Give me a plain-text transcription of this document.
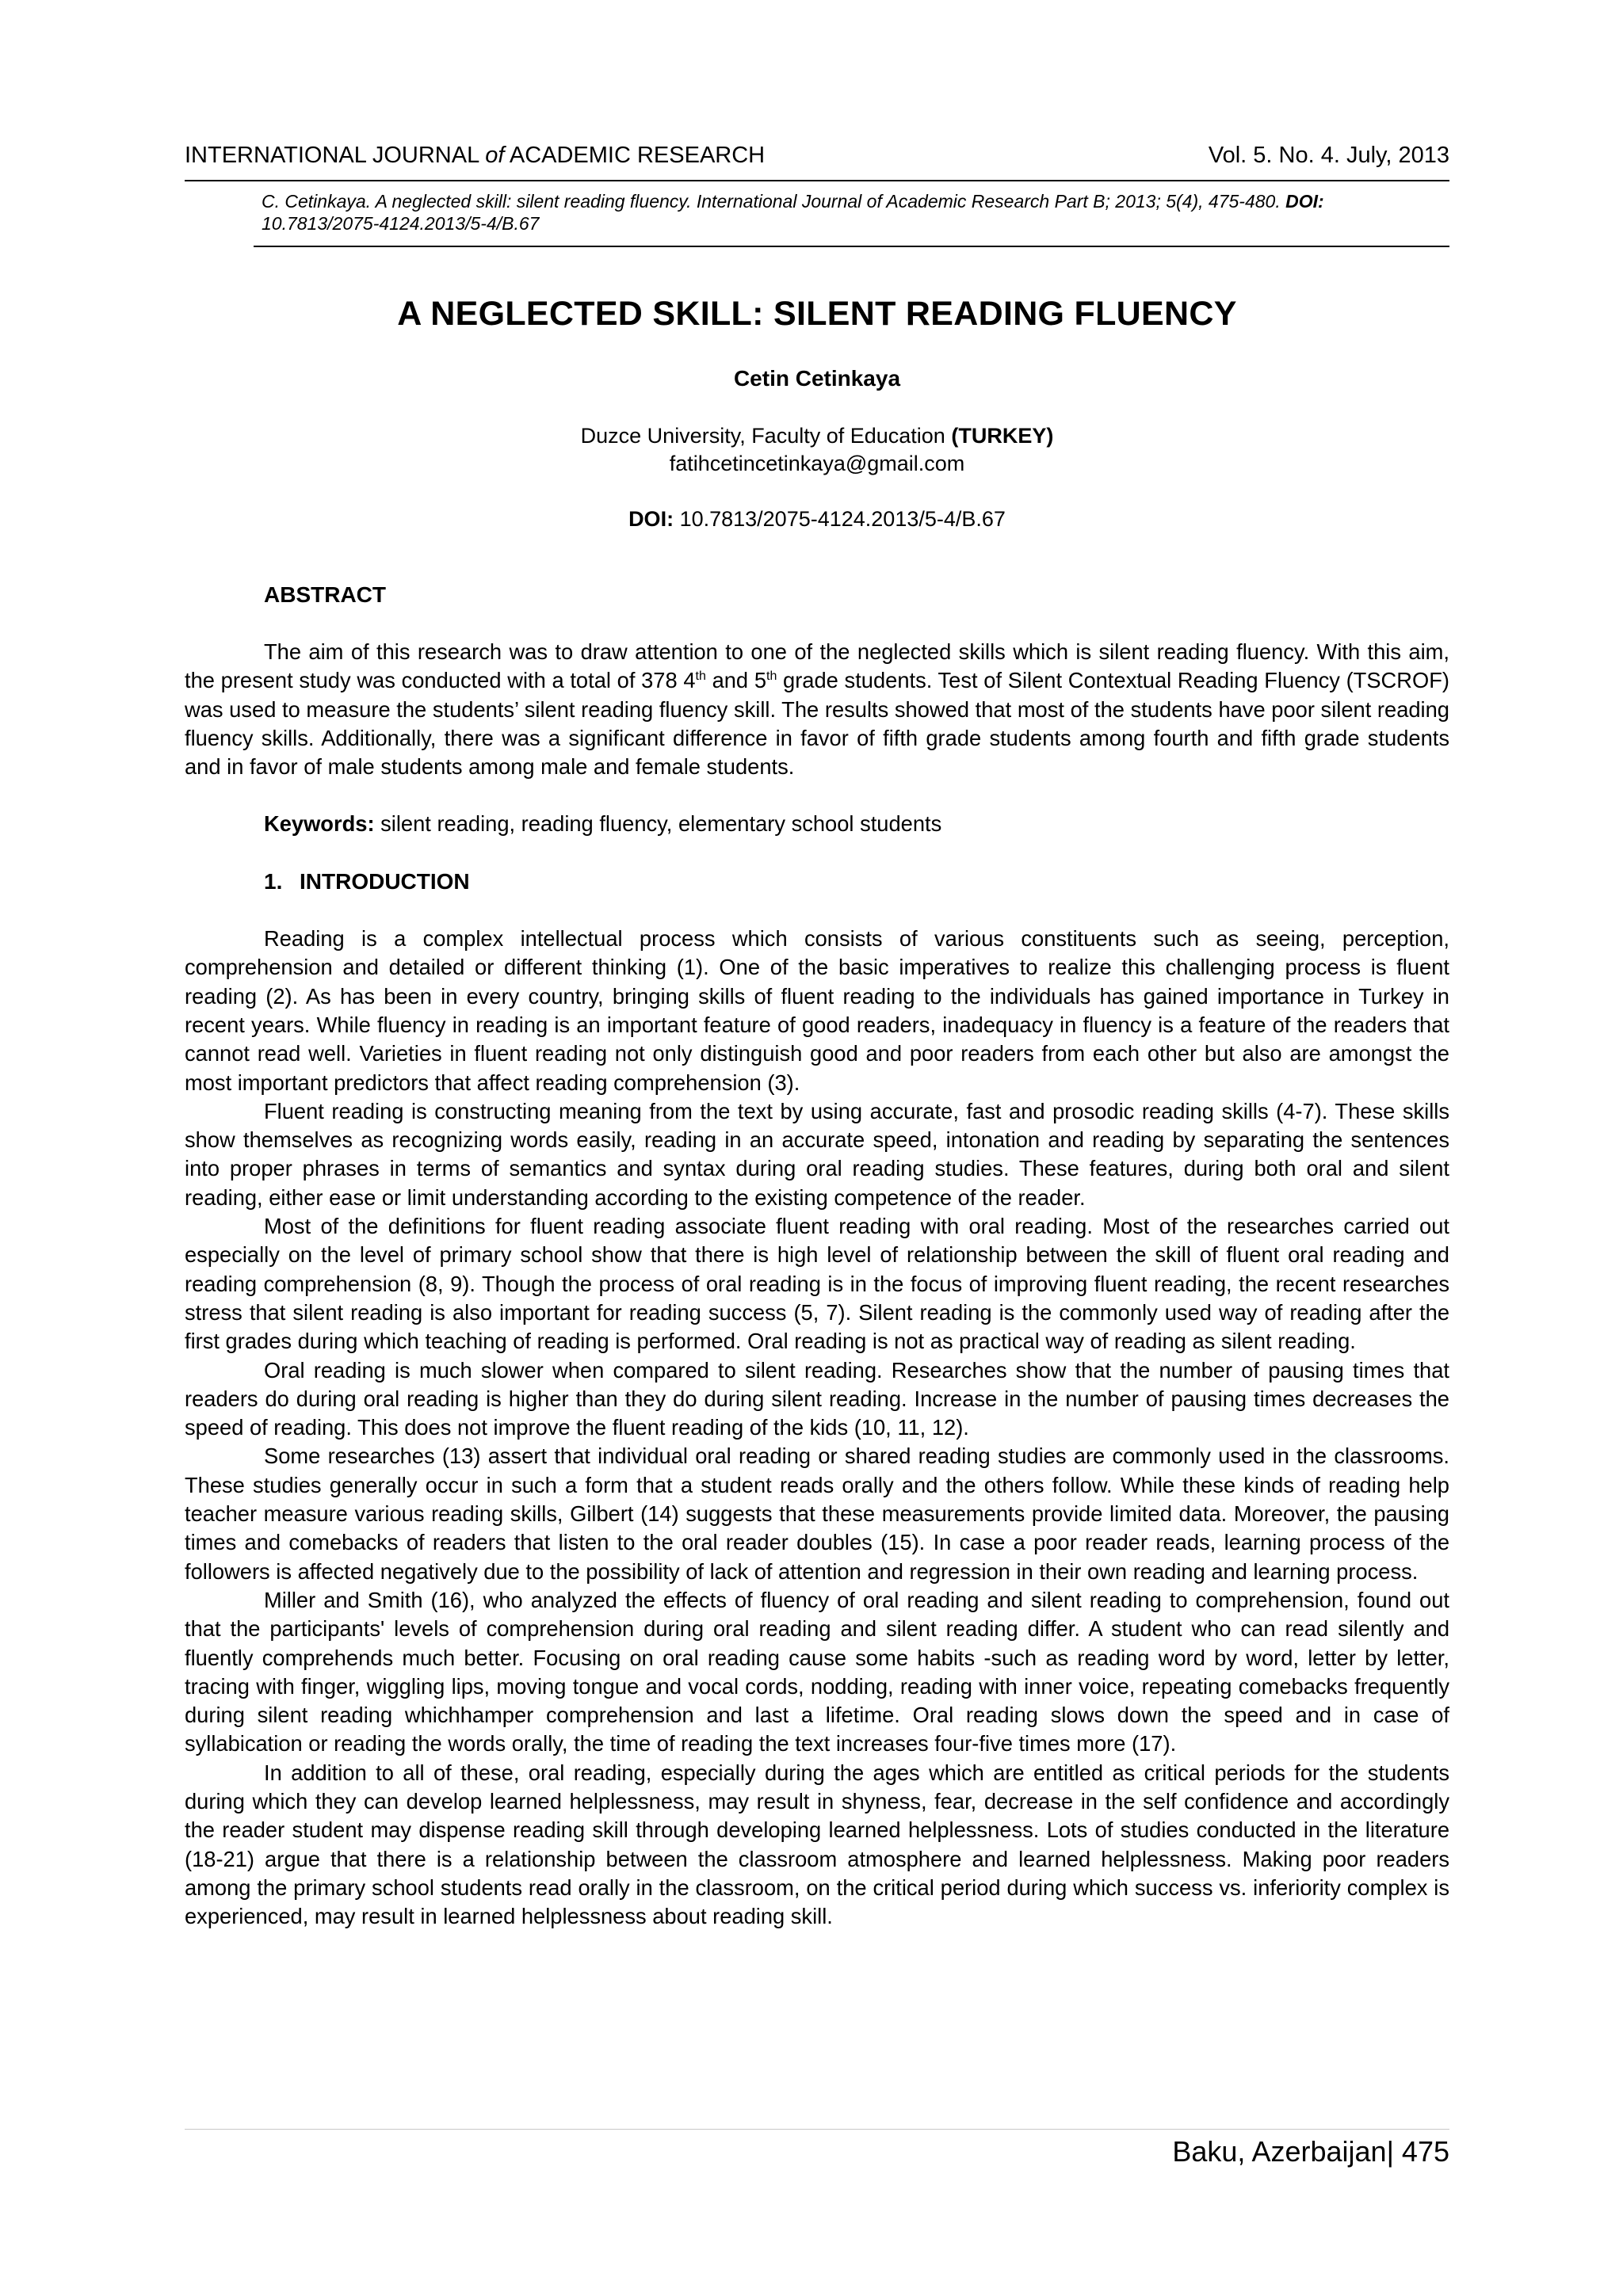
INTERNATIONAL JOURNAL of ACADEMIC RESEARCH	Vol. 5. No. 4. July, 2013
C. Cetinkaya. A neglected skill: silent reading fluency. International Journal of Academic Research Part B; 2013; 5(4), 475-480. DOI: 10.7813/2075-4124.2013/5-4/B.67
A NEGLECTED SKILL: SILENT READING FLUENCY
Cetin Cetinkaya
Duzce University, Faculty of Education (TURKEY)
fatihcetincetinkaya@gmail.com
DOI: 10.7813/2075-4124.2013/5-4/B.67
ABSTRACT

The aim of this research was to draw attention to one of the neglected skills which is silent reading fluency. With this aim, the present study was conducted with a total of 378 4th and 5th grade students. Test of Silent Contextual Reading Fluency (TSCROF) was used to measure the students’ silent reading fluency skill. The results showed that most of the students have poor silent reading fluency skills. Additionally, there was a significant difference in favor of fifth grade students among fourth and fifth grade students and in favor of male students among male and female students.

Keywords: silent reading, reading fluency, elementary school students

1. INTRODUCTION

Reading is a complex intellectual process which consists of various constituents such as seeing, perception, comprehension and detailed or different thinking (1). One of the basic imperatives to realize this challenging process is fluent reading (2). As has been in every country, bringing skills of fluent reading to the individuals has gained importance in Turkey in recent years. While fluency in reading is an important feature of good readers, inadequacy in fluency is a feature of the readers that cannot read well. Varieties in fluent reading not only distinguish good and poor readers from each other but also are amongst the most important predictors that affect reading comprehension (3).

Fluent reading is constructing meaning from the text by using accurate, fast and prosodic reading skills (4-7). These skills show themselves as recognizing words easily, reading in an accurate speed, intonation and reading by separating the sentences into proper phrases in terms of semantics and syntax during oral reading studies. These features, during both oral and silent reading, either ease or limit understanding according to the existing competence of the reader.

Most of the definitions for fluent reading associate fluent reading with oral reading. Most of the researches carried out especially on the level of primary school show that there is high level of relationship between the skill of fluent oral reading and reading comprehension (8, 9). Though the process of oral reading is in the focus of improving fluent reading, the recent researches stress that silent reading is also important for reading success (5, 7). Silent reading is the commonly used way of reading after the first grades during which teaching of reading is performed. Oral reading is not as practical way of reading as silent reading.

Oral reading is much slower when compared to silent reading. Researches show that the number of pausing times that readers do during oral reading is higher than they do during silent reading. Increase in the number of pausing times decreases the speed of reading. This does not improve the fluent reading of the kids (10, 11, 12).

Some researches (13) assert that individual oral reading or shared reading studies are commonly used in the classrooms. These studies generally occur in such a form that a student reads orally and the others follow. While these kinds of reading help teacher measure various reading skills, Gilbert (14) suggests that these measurements provide limited data. Moreover, the pausing times and comebacks of readers that listen to the oral reader doubles (15). In case a poor reader reads, learning process of the followers is affected negatively due to the possibility of lack of attention and regression in their own reading and learning process.

Miller and Smith (16), who analyzed the effects of fluency of oral reading and silent reading to comprehension, found out that the participants' levels of comprehension during oral reading and silent reading differ. A student who can read silently and fluently comprehends much better. Focusing on oral reading cause some habits -such as reading word by word, letter by letter, tracing with finger, wiggling lips, moving tongue and vocal cords, nodding, reading with inner voice, repeating comebacks frequently during silent reading whichhamper comprehension and last a lifetime. Oral reading slows down the speed and in case of syllabication or reading the words orally, the time of reading the text increases four-five times more (17).

In addition to all of these, oral reading, especially during the ages which are entitled as critical periods for the students during which they can develop learned helplessness, may result in shyness, fear, decrease in the self confidence and accordingly the reader student may dispense reading skill through developing learned helplessness. Lots of studies conducted in the literature (18-21) argue that there is a relationship between the classroom atmosphere and learned helplessness. Making poor readers among the primary school students read orally in the classroom, on the critical period during which success vs. inferiority complex is experienced, may result in learned helplessness about reading skill.

Baku, Azerbaijan| 475
